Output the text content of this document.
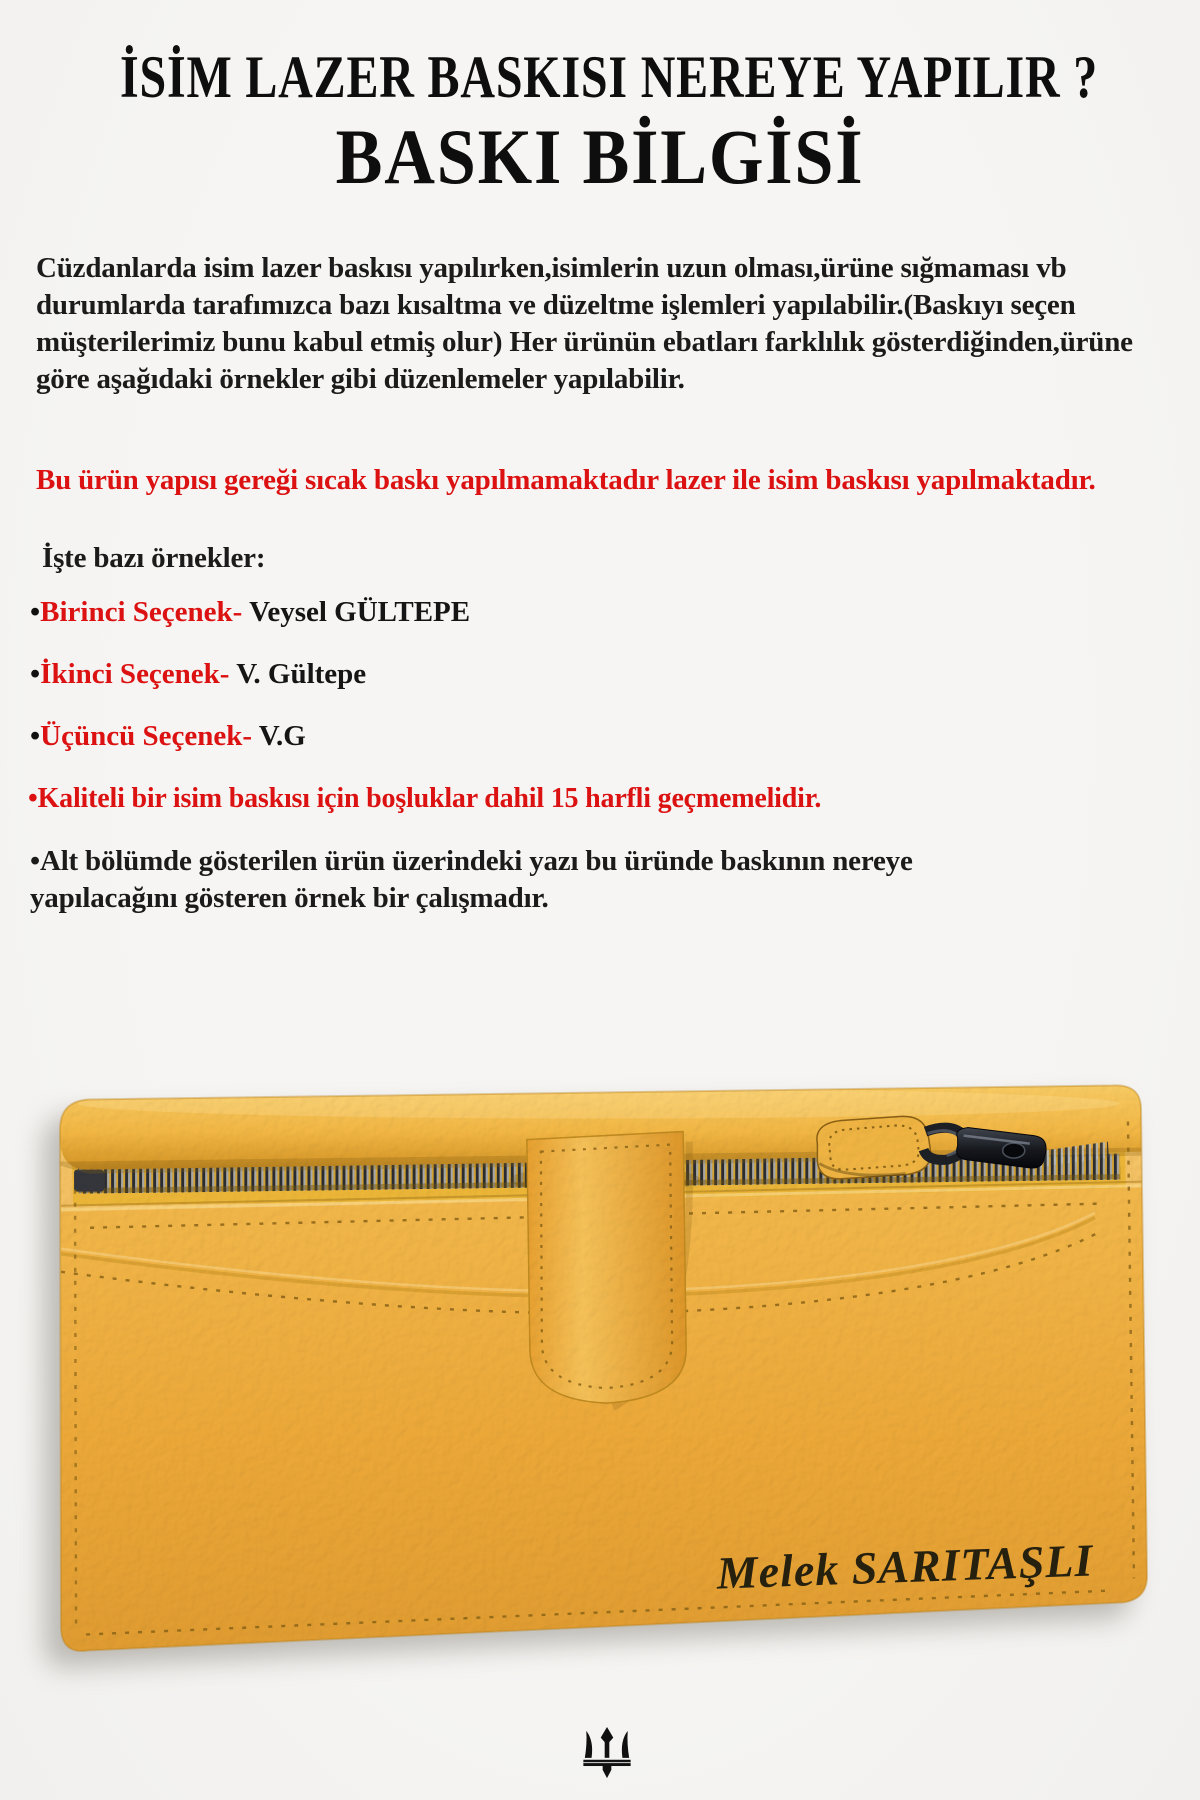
İSİM LAZER BASKISI NEREYE YAPILIR ?
BASKI BİLGİSİ
Cüzdanlarda isim lazer baskısı yapılırken,isimlerin uzun olması,ürüne sığmaması vb durumlarda tarafımızca bazı kısaltma ve düzeltme işlemleri yapılabilir.(Baskıyı seçen müşterilerimiz bunu kabul etmiş olur) Her ürünün ebatları farklılık gösterdiğinden,ürüne göre aşağıdaki örnekler gibi düzenlemeler yapılabilir.
Bu ürün yapısı gereği sıcak baskı yapılmamaktadır lazer ile isim baskısı yapılmaktadır.
İşte bazı örnekler:
•Birinci Seçenek- Veysel GÜLTEPE
•İkinci Seçenek- V. Gültepe
•Üçüncü Seçenek- V.G
•Kaliteli bir isim baskısı için boşluklar dahil 15 harfli geçmemelidir.
•Alt bölümde gösterilen ürün üzerindeki yazı bu üründe baskının nereye yapılacağını gösteren örnek bir çalışmadır.
Melek SARITAŞLI
